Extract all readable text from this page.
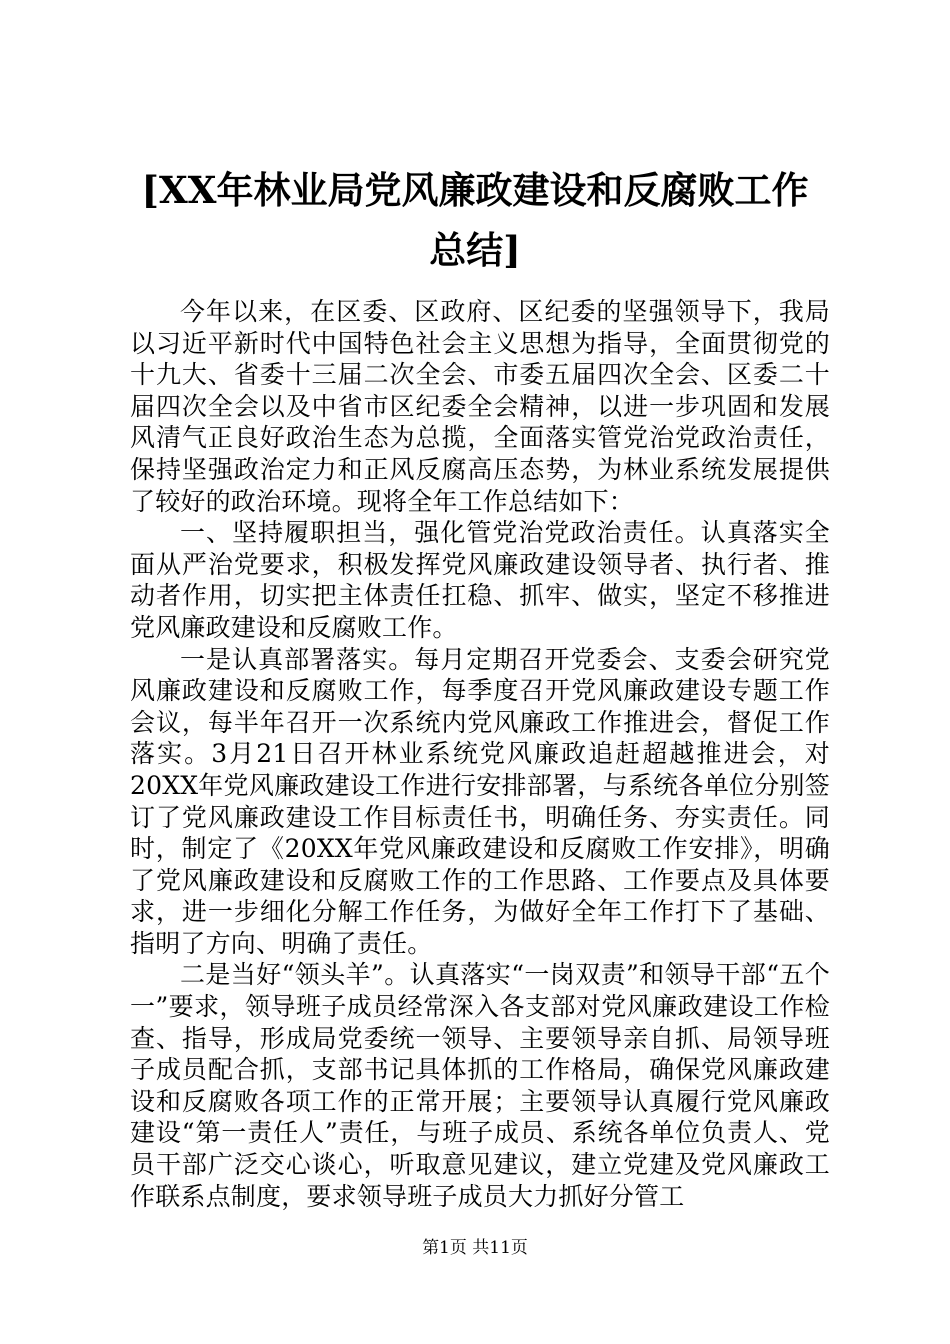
[XX年林业局党风廉政建设和反腐败工作总结]

今年以来，在区委、区政府、区纪委的坚强领导下，我局以习近平新时代中国特色社会主义思想为指导，全面贯彻党的十九大、省委十三届二次全会、市委五届四次全会、区委二十届四次全会以及中省市区纪委全会精神，以进一步巩固和发展风清气正良好政治生态为总揽，全面落实管党治党政治责任，保持坚强政治定力和正风反腐高压态势，为林业系统发展提供了较好的政治环境。现将全年工作总结如下：

一、坚持履职担当，强化管党治党政治责任。认真落实全面从严治党要求，积极发挥党风廉政建设领导者、执行者、推动者作用，切实把主体责任扛稳、抓牢、做实，坚定不移推进党风廉政建设和反腐败工作。

一是认真部署落实。每月定期召开党委会、支委会研究党风廉政建设和反腐败工作，每季度召开党风廉政建设专题工作会议，每半年召开一次系统内党风廉政工作推进会，督促工作落实。3月21日召开林业系统党风廉政追赶超越推进会，对20XX年党风廉政建设工作进行安排部署，与系统各单位分别签订了党风廉政建设工作目标责任书，明确任务、夯实责任。同时，制定了《20XX年党风廉政建设和反腐败工作安排》，明确了党风廉政建设和反腐败工作的工作思路、工作要点及具体要求，进一步细化分解工作任务，为做好全年工作打下了基础、指明了方向、明确了责任。

二是当好“领头羊”。认真落实“一岗双责”和领导干部“五个一”要求，领导班子成员经常深入各支部对党风廉政建设工作检查、指导，形成局党委统一领导、主要领导亲自抓、局领导班子成员配合抓，支部书记具体抓的工作格局，确保党风廉政建设和反腐败各项工作的正常开展；主要领导认真履行党风廉政建设“第一责任人”责任，与班子成员、系统各单位负责人、党员干部广泛交心谈心，听取意见建议，建立党建及党风廉政工作联系点制度，要求领导班子成员大力抓好分管工

第1页 共11页
